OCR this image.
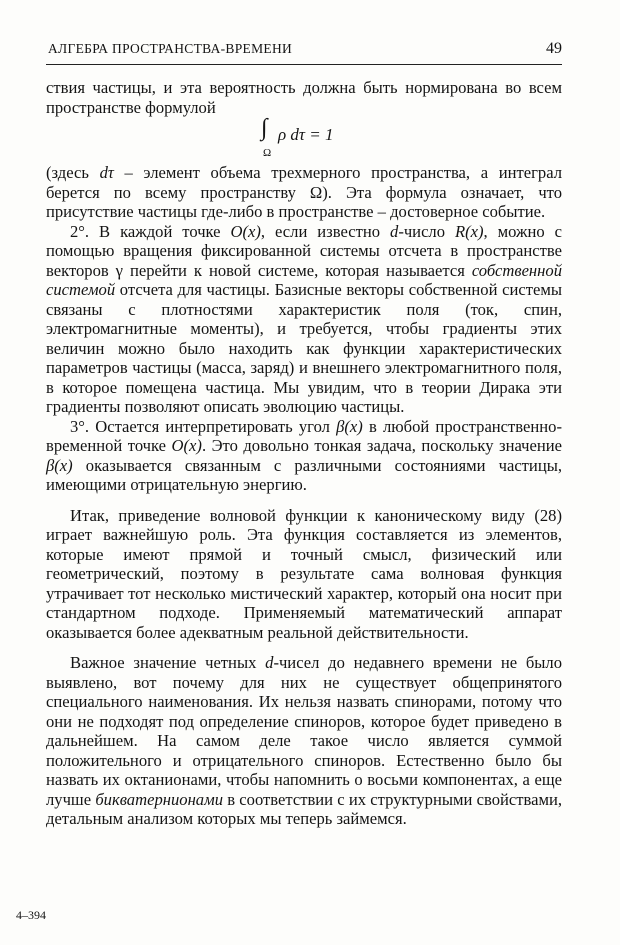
АЛГЕБРА ПРОСТРАНСТВА-ВРЕМЕНИ	49

ствия частицы, и эта вероятность должна быть нормирована во всем пространстве формулой

∫
Ω
ρ dτ = 1

(здесь dτ – элемент объема трехмерного пространства, а интеграл берется по всему пространству Ω). Эта формула означает, что присутствие частицы где-либо в пространстве – достоверное событие.

2°. В каждой точке O(x), если известно d-число R(x), можно с помощью вращения фиксированной системы отсчета в пространстве векторов γ перейти к новой системе, которая называется собственной системой отсчета для частицы. Базисные векторы собственной системы связаны с плотностями характеристик поля (ток, спин, электромагнитные моменты), и требуется, чтобы градиенты этих величин можно было находить как функции характеристических параметров частицы (масса, заряд) и внешнего электромагнитного поля, в которое помещена частица. Мы увидим, что в теории Дирака эти градиенты позволяют описать эволюцию частицы.

3°. Остается интерпретировать угол β(x) в любой пространственно-временной точке O(x). Это довольно тонкая задача, поскольку значение β(x) оказывается связанным с различными состояниями частицы, имеющими отрицательную энергию.

Итак, приведение волновой функции к каноническому виду (28) играет важнейшую роль. Эта функция составляется из элементов, которые имеют прямой и точный смысл, физический или геометрический, поэтому в результате сама волновая функция утрачивает тот несколько мистический характер, который она носит при стандартном подходе. Применяемый математический аппарат оказывается более адекватным реальной действительности.

Важное значение четных d-чисел до недавнего времени не было выявлено, вот почему для них не существует общепринятого специального наименования. Их нельзя назвать спинорами, потому что они не подходят под определение спиноров, которое будет приведено в дальнейшем. На самом деле такое число является суммой положительного и отрицательного спиноров. Естественно было бы назвать их октанионами, чтобы напомнить о восьми компонентах, а еще лучше бикватернионами в соответствии с их структурными свойствами, детальным анализом которых мы теперь займемся.

4–394
